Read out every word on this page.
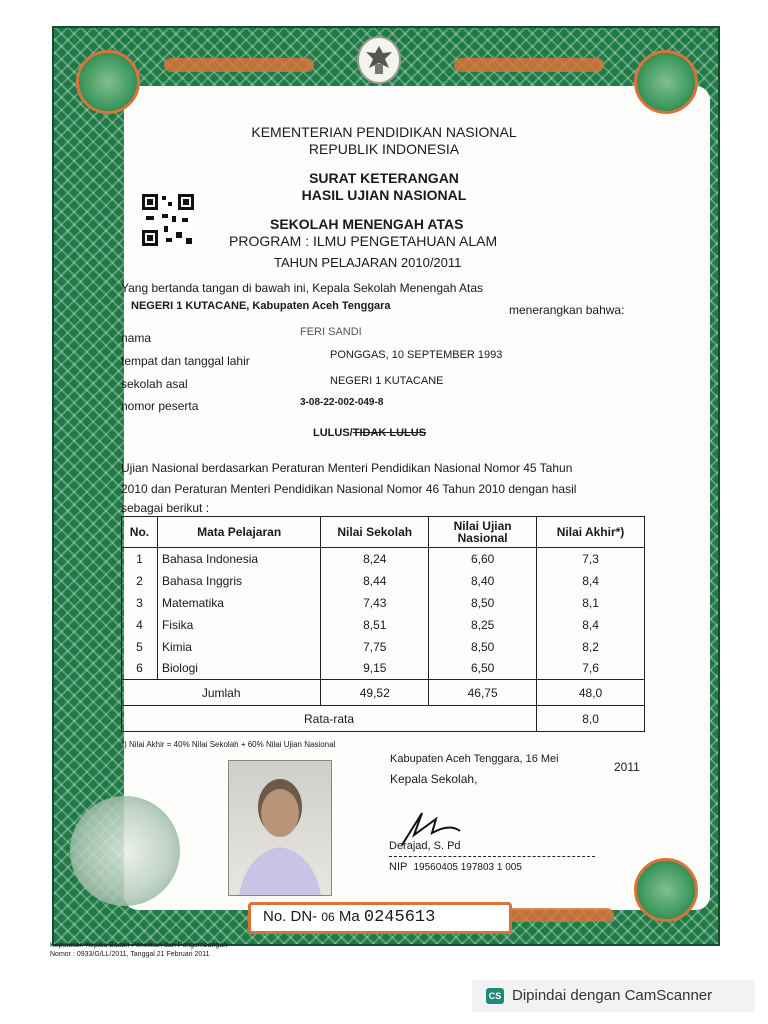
KEMENTERIAN PENDIDIKAN NASIONAL
REPUBLIK INDONESIA
SURAT KETERANGAN
HASIL UJIAN NASIONAL
SEKOLAH MENENGAH ATAS
PROGRAM : ILMU PENGETAHUAN ALAM
TAHUN PELAJARAN 2010/2011
Yang bertanda tangan di bawah ini, Kepala Sekolah Menengah Atas
NEGERI 1 KUTACANE, Kabupaten Aceh Tenggara	menerangkan bahwa:
nama	FERI SANDI
tempat dan tanggal lahir	PONGGAS, 10 SEPTEMBER 1993
sekolah asal	NEGERI 1 KUTACANE
nomor peserta	3-08-22-002-049-8
LULUS/TIDAK LULUS
Ujian Nasional berdasarkan Peraturan Menteri Pendidikan Nasional Nomor 45 Tahun
2010 dan Peraturan Menteri Pendidikan Nasional Nomor 46 Tahun 2010 dengan hasil
sebagai berikut :
No.	Mata Pelajaran	Nilai Sekolah	Nilai Ujian Nasional	Nilai Akhir*)
1	Bahasa Indonesia	8,24	6,60	7,3
2	Bahasa Inggris	8,44	8,40	8,4
3	Matematika	7,43	8,50	8,1
4	Fisika	8,51	8,25	8,4
5	Kimia	7,75	8,50	8,2
6	Biologi	9,15	6,50	7,6
Jumlah		49,52	46,75	48,0
Rata-rata				8,0
*) Nilai Akhir = 40% Nilai Sekolah + 60% Nilai Ujian Nasional
Kabupaten Aceh Tenggara, 16 Mei
2011
Kepala Sekolah,
Derajad, S. Pd
NIP 19560405 197803 1 005
No. DN- 06 Ma 0245613
Keputusan Kepala Badan Penelitian dan Pengembangan
Nomor : 0933/G/LL/2011, Tanggal 21 Februari 2011
CS Dipindai dengan CamScanner
